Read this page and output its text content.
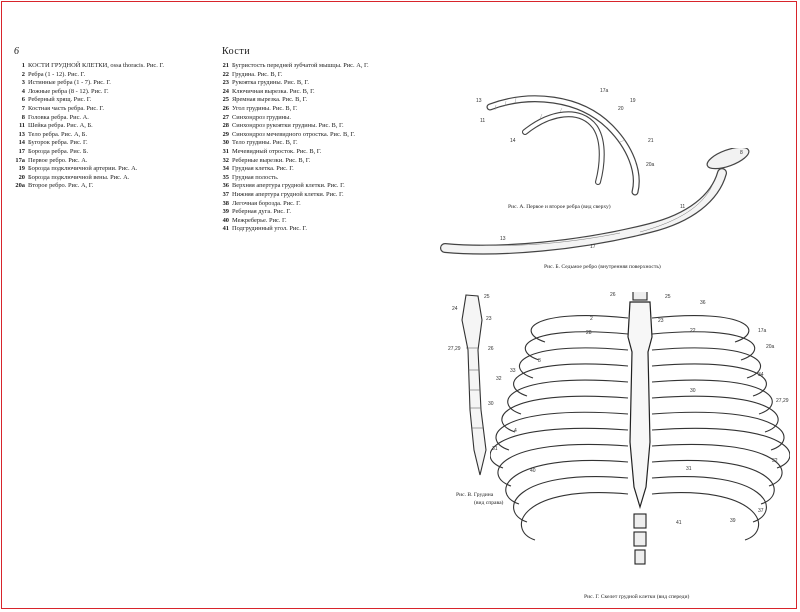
6	Кости
1 КОСТИ ГРУДНОЙ КЛЕТКИ, ossa thoracis. Рис. Г.
2 Ребра (1 - 12). Рис. Г.
3 Истинные ребра (1 - 7). Рис. Г.
4 Ложные ребра (8 - 12). Рис. Г.
6 Реберный хрящ. Рис. Г.
7 Костная часть ребра. Рис. Г.
8 Головка ребра. Рис. А.
11 Шейка ребра. Рис. А, Б.
13 Тело ребра. Рис. А, Б.
14 Бугорок ребра. Рис. Г.
17 Борозда ребра. Рис. Б.
17a Первое ребро. Рис. А.
19 Борозда подключичной артерии. Рис. А.
20 Борозда подключичной вены. Рис. А.
20a Второе ребро. Рис. А, Г.
21 Бугристость передней зубчатой мышцы. Рис. А, Г.
22 Грудина. Рис. В, Г.
23 Рукоятка грудины. Рис. В, Г.
24 Ключичная вырезка. Рис. В, Г.
25 Яремная вырезка. Рис. В, Г.
26 Угол грудины. Рис. В, Г.
27 Синхондроз грудины.
28 Синхондроз рукоятки грудины. Рис. В, Г.
29 Синхондроз мечевидного отростка. Рис. В, Г.
30 Тело грудины. Рис. В, Г.
31 Мечевидный отросток. Рис. В, Г.
32 Реберные вырезки. Рис. В, Г.
34 Грудная клетка. Рис. Г.
35 Грудная полость.
36 Верхняя апертура грудной клетки. Рис. Г.
37 Нижняя апертура грудной клетки. Рис. Г.
38 Легочная борозда. Рис. Г.
39 Реберная дуга. Рис. Г.
40 Межреберье. Рис. Г.
41 Подгрудинный угол. Рис. Г.
13
11
14
17a
20
19
21
20a
Рис. А. Первое и второе ребра (вид сверху)
13
8
17
11
Рис. Б. Седьмое ребро (внутренняя поверхность)
25
23
24
27,29	26
32
30
31
Рис. В. Грудина
(вид справа)
26
2
25
17a
20a
3
36
22
28
33
34
30
23
27,29
4
31
40
32
39
37
41
Рис. Г. Скелет грудной клетки (вид спереди)
